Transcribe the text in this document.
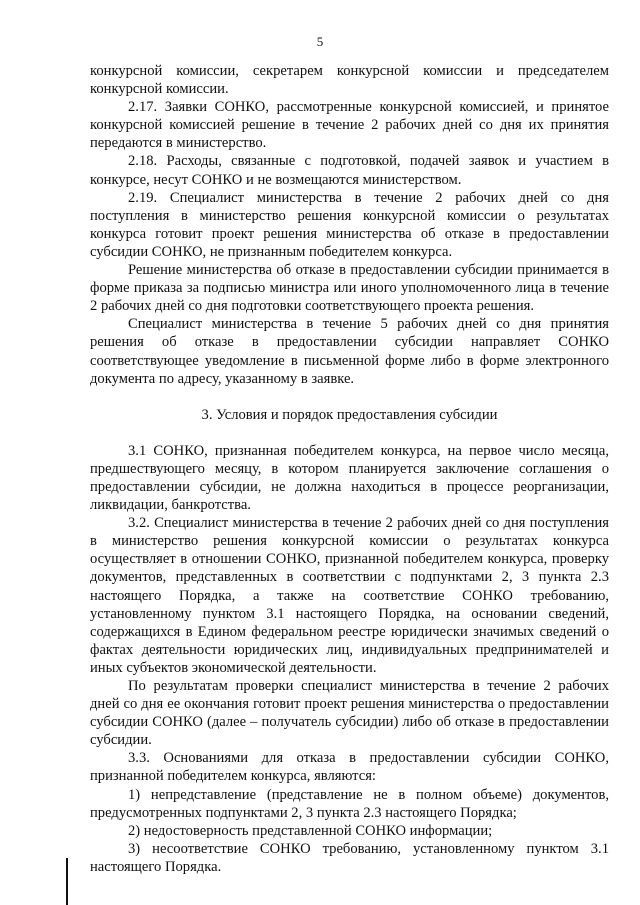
5

конкурсной комиссии, секретарем конкурсной комиссии и председателем конкурсной комиссии.

2.17. Заявки СОНКО, рассмотренные конкурсной комиссией, и принятое конкурсной комиссией решение в течение 2 рабочих дней со дня их принятия передаются в министерство.

2.18. Расходы, связанные с подготовкой, подачей заявок и участием в конкурсе, несут СОНКО и не возмещаются министерством.

2.19. Специалист министерства в течение 2 рабочих дней со дня поступления в министерство решения конкурсной комиссии о результатах конкурса готовит проект решения министерства об отказе в предоставлении субсидии СОНКО, не признанным победителем конкурса.

Решение министерства об отказе в предоставлении субсидии принимается в форме приказа за подписью министра или иного уполномоченного лица в течение 2 рабочих дней со дня подготовки соответствующего проекта решения.

Специалист министерства в течение 5 рабочих дней со дня принятия решения об отказе в предоставлении субсидии направляет СОНКО соответствующее уведомление в письменной форме либо в форме электронного документа по адресу, указанному в заявке.

3. Условия и порядок предоставления субсидии

3.1 СОНКО, признанная победителем конкурса, на первое число месяца, предшествующего месяцу, в котором планируется заключение соглашения о предоставлении субсидии, не должна находиться в процессе реорганизации, ликвидации, банкротства.

3.2. Специалист министерства в течение 2 рабочих дней со дня поступления в министерство решения конкурсной комиссии о результатах конкурса осуществляет в отношении СОНКО, признанной победителем конкурса, проверку документов, представленных в соответствии с подпунктами 2, 3 пункта 2.3 настоящего Порядка, а также на соответствие СОНКО требованию, установленному пунктом 3.1 настоящего Порядка, на основании сведений, содержащихся в Едином федеральном реестре юридически значимых сведений о фактах деятельности юридических лиц, индивидуальных предпринимателей и иных субъектов экономической деятельности.

По результатам проверки специалист министерства в течение 2 рабочих дней со дня ее окончания готовит проект решения министерства о предоставлении субсидии СОНКО (далее – получатель субсидии) либо об отказе в предоставлении субсидии.

3.3. Основаниями для отказа в предоставлении субсидии СОНКО, признанной победителем конкурса, являются:

1) непредставление (представление не в полном объеме) документов, предусмотренных подпунктами 2, 3 пункта 2.3 настоящего Порядка;

2) недостоверность представленной СОНКО информации;

3) несоответствие СОНКО требованию, установленному пунктом 3.1 настоящего Порядка.
